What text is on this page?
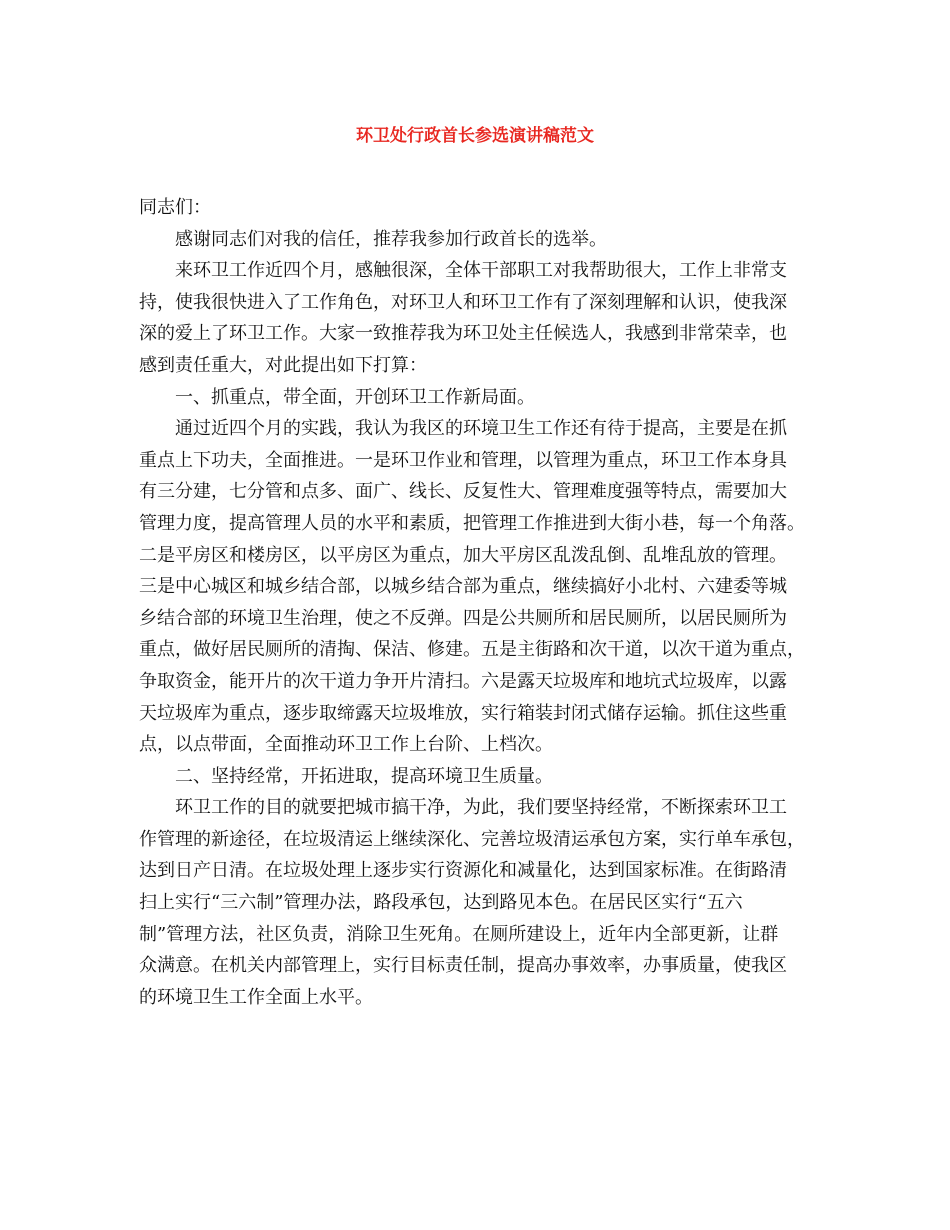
环卫处行政首长参选演讲稿范文
同志们：
感谢同志们对我的信任，推荐我参加行政首长的选举。
来环卫工作近四个月，感触很深，全体干部职工对我帮助很大，工作上非常支
持，使我很快进入了工作角色，对环卫人和环卫工作有了深刻理解和认识，使我深
深的爱上了环卫工作。大家一致推荐我为环卫处主任候选人，我感到非常荣幸，也
感到责任重大，对此提出如下打算：
一、抓重点，带全面，开创环卫工作新局面。
通过近四个月的实践，我认为我区的环境卫生工作还有待于提高，主要是在抓
重点上下功夫，全面推进。一是环卫作业和管理，以管理为重点，环卫工作本身具
有三分建，七分管和点多、面广、线长、反复性大、管理难度强等特点，需要加大
管理力度，提高管理人员的水平和素质，把管理工作推进到大街小巷，每一个角落。
二是平房区和楼房区，以平房区为重点，加大平房区乱泼乱倒、乱堆乱放的管理。
三是中心城区和城乡结合部，以城乡结合部为重点，继续搞好小北村、六建委等城
乡结合部的环境卫生治理，使之不反弹。四是公共厕所和居民厕所，以居民厕所为
重点，做好居民厕所的清掏、保洁、修建。五是主街路和次干道，以次干道为重点，
争取资金，能开片的次干道力争开片清扫。六是露天垃圾库和地坑式垃圾库，以露
天垃圾库为重点，逐步取缔露天垃圾堆放，实行箱装封闭式储存运输。抓住这些重
点，以点带面，全面推动环卫工作上台阶、上档次。
二、坚持经常，开拓进取，提高环境卫生质量。
环卫工作的目的就要把城市搞干净，为此，我们要坚持经常，不断探索环卫工
作管理的新途径，在垃圾清运上继续深化、完善垃圾清运承包方案，实行单车承包，
达到日产日清。在垃圾处理上逐步实行资源化和减量化，达到国家标准。在街路清
扫上实行“三六制”管理办法，路段承包，达到路见本色。在居民区实行“五六
制”管理方法，社区负责，消除卫生死角。在厕所建设上，近年内全部更新，让群
众满意。在机关内部管理上，实行目标责任制，提高办事效率，办事质量，使我区
的环境卫生工作全面上水平。
